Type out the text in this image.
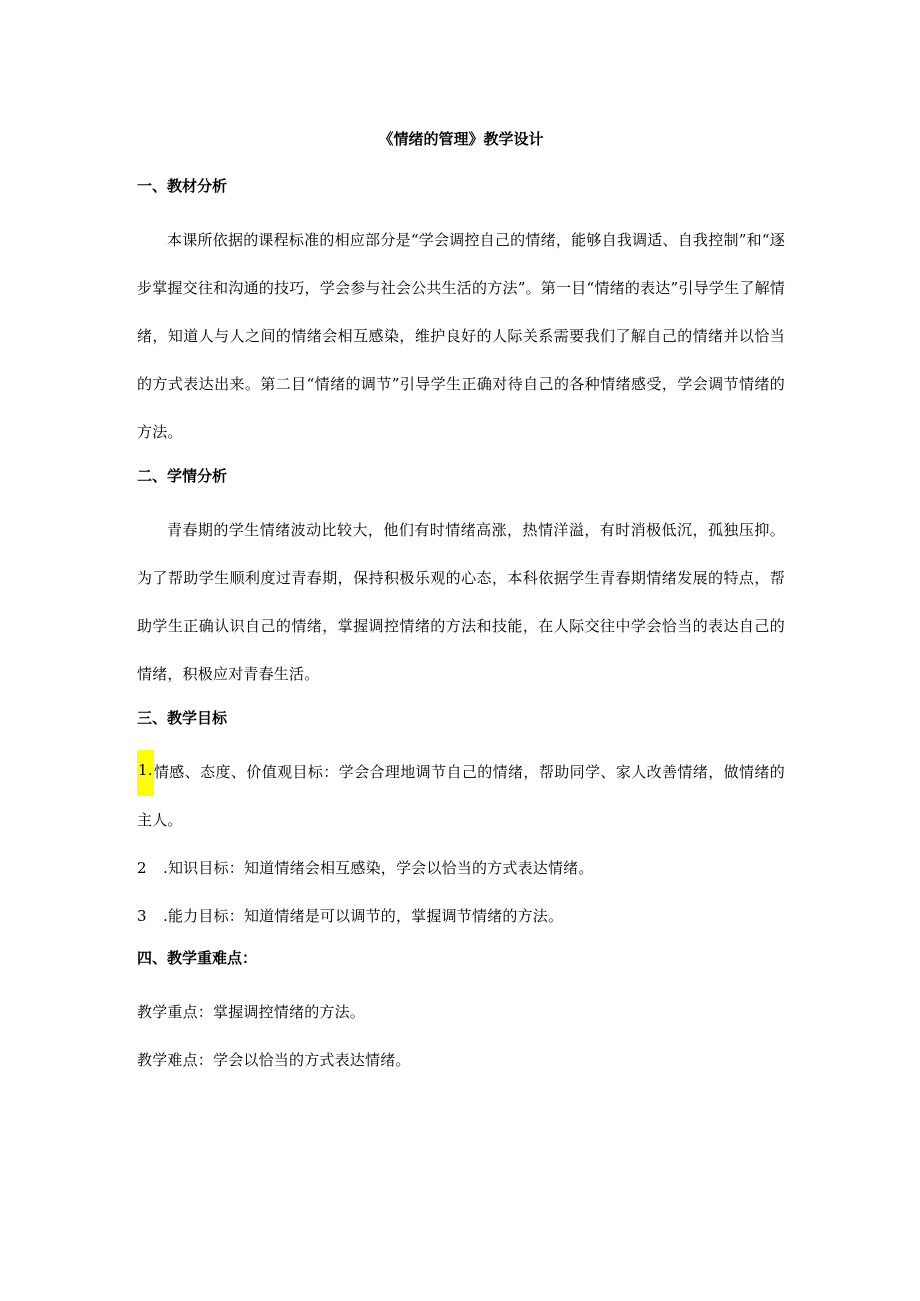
《情绪的管理》教学设计
一、教材分析

本课所依据的课程标准的相应部分是“学会调控自己的情绪，能够自我调适、自我控制”和“逐步掌握交往和沟通的技巧，学会参与社会公共生活的方法”。第一目“情绪的表达”引导学生了解情绪，知道人与人之间的情绪会相互感染，维护良好的人际关系需要我们了解自己的情绪并以恰当的方式表达出来。第二目“情绪的调节”引导学生正确对待自己的各种情绪感受，学会调节情绪的方法。

二、学情分析

青春期的学生情绪波动比较大，他们有时情绪高涨，热情洋溢，有时消极低沉，孤独压抑。为了帮助学生顺利度过青春期，保持积极乐观的心态，本科依据学生青春期情绪发展的特点，帮助学生正确认识自己的情绪，掌握调控情绪的方法和技能，在人际交往中学会恰当的表达自己的情绪，积极应对青春生活。

三、教学目标

1.情感、态度、价值观目标：学会合理地调节自己的情绪，帮助同学、家人改善情绪，做情绪的主人。

2 .知识目标：知道情绪会相互感染，学会以恰当的方式表达情绪。

3 .能力目标：知道情绪是可以调节的，掌握调节情绪的方法。

四、教学重难点：

教学重点：掌握调控情绪的方法。

教学难点：学会以恰当的方式表达情绪。
